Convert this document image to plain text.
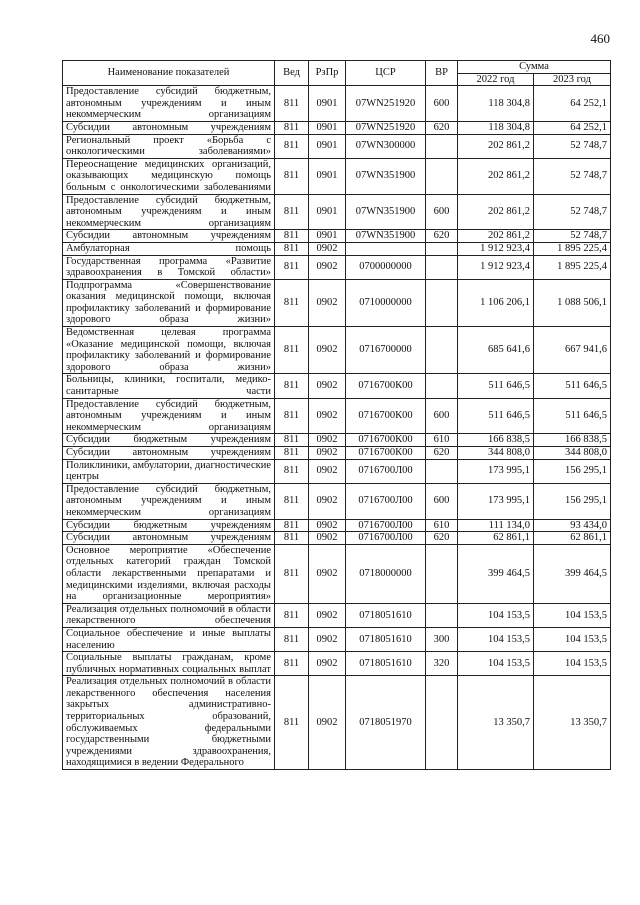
460
Наименование показателей	Вед	РзПр	ЦСР	ВР	Сумма	
					2022 год	2023 год
Предоставление субсидий бюджетным, автономным учреждениям и иным некоммерческим организациям	811	0901	07WN251920	600	118 304,8	64 252,1
Субсидии автономным учреждениям	811	0901	07WN251920	620	118 304,8	64 252,1
Региональный проект «Борьба с онкологическими заболеваниями»	811	0901	07WN300000		202 861,2	52 748,7
Переоснащение медицинских организаций, оказывающих медицинскую помощь больным с онкологическими заболеваниями	811	0901	07WN351900		202 861,2	52 748,7
Предоставление субсидий бюджетным, автономным учреждениям и иным некоммерческим организациям	811	0901	07WN351900	600	202 861,2	52 748,7
Субсидии автономным учреждениям	811	0901	07WN351900	620	202 861,2	52 748,7
Амбулаторная помощь	811	0902			1 912 923,4	1 895 225,4
Государственная программа «Развитие здравоохранения в Томской области»	811	0902	0700000000		1 912 923,4	1 895 225,4
Подпрограмма «Совершенствование оказания медицинской помощи, включая профилактику заболеваний и формирование здорового образа жизни»	811	0902	0710000000		1 106 206,1	1 088 506,1
Ведомственная целевая программа «Оказание медицинской помощи, включая профилактику заболеваний и формирование здорового образа жизни»	811	0902	0716700000		685 641,6	667 941,6
Больницы, клиники, госпитали, медико-санитарные части	811	0902	0716700К00		511 646,5	511 646,5
Предоставление субсидий бюджетным, автономным учреждениям и иным некоммерческим организациям	811	0902	0716700К00	600	511 646,5	511 646,5
Субсидии бюджетным учреждениям	811	0902	0716700К00	610	166 838,5	166 838,5
Субсидии автономным учреждениям	811	0902	0716700К00	620	344 808,0	344 808,0
Поликлиники, амбулатории, диагностические центры	811	0902	0716700Л00		173 995,1	156 295,1
Предоставление субсидий бюджетным, автономным учреждениям и иным некоммерческим организациям	811	0902	0716700Л00	600	173 995,1	156 295,1
Субсидии бюджетным учреждениям	811	0902	0716700Л00	610	111 134,0	93 434,0
Субсидии автономным учреждениям	811	0902	0716700Л00	620	62 861,1	62 861,1
Основное мероприятие «Обеспечение отдельных категорий граждан Томской области лекарственными препаратами и медицинскими изделиями, включая расходы на организационные мероприятия»	811	0902	0718000000		399 464,5	399 464,5
Реализация отдельных полномочий в области лекарственного обеспечения	811	0902	0718051610		104 153,5	104 153,5
Социальное обеспечение и иные выплаты населению	811	0902	0718051610	300	104 153,5	104 153,5
Социальные выплаты гражданам, кроме публичных нормативных социальных выплат	811	0902	0718051610	320	104 153,5	104 153,5
Реализация отдельных полномочий в области лекарственного обеспечения населения закрытых административно-территориальных образований, обслуживаемых федеральными государственными бюджетными учреждениями здравоохранения, находящимися в ведении Федерального	811	0902	0718051970		13 350,7	13 350,7
